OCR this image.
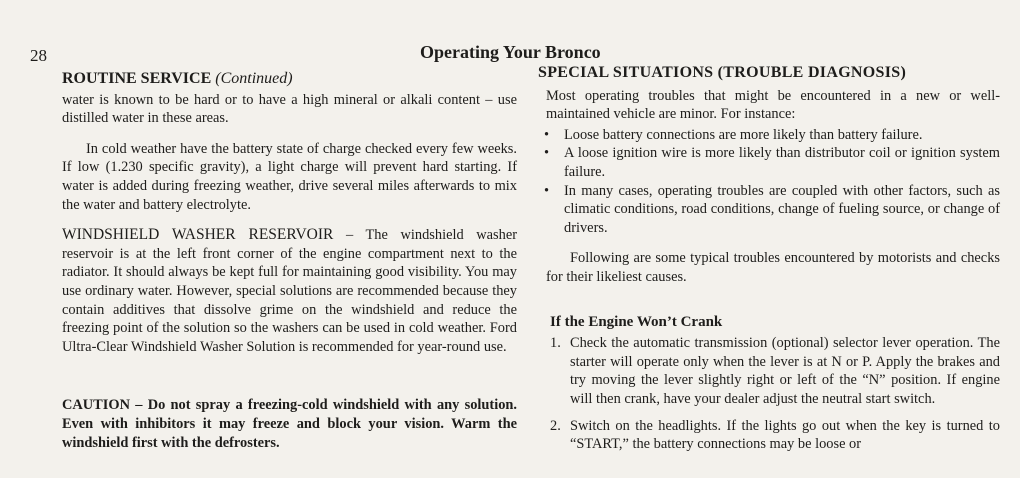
28	Operating Your Bronco
ROUTINE SERVICE (Continued)

water is known to be hard or to have a high mineral or alkali content – use distilled water in these areas.

In cold weather have the battery state of charge checked every few weeks. If low (1.230 specific gravity), a light charge will prevent hard starting. If water is added during freezing weather, drive several miles afterwards to mix the water and battery electrolyte.

WINDSHIELD WASHER RESERVOIR – The windshield washer reservoir is at the left front corner of the engine compartment next to the radiator. It should always be kept full for maintaining good visibility. You may use ordinary water. However, special solutions are recommended because they contain additives that dissolve grime on the windshield and reduce the freezing point of the solution so the washers can be used in cold weather. Ford Ultra-Clear Windshield Washer Solution is recommended for year-round use.

CAUTION – Do not spray a freezing-cold windshield with any solution. Even with inhibitors it may freeze and block your vision. Warm the windshield first with the defrosters.

SPECIAL SITUATIONS (TROUBLE DIAGNOSIS)

Most operating troubles that might be encountered in a new or well-maintained vehicle are minor. For instance:

• Loose battery connections are more likely than battery failure.
• A loose ignition wire is more likely than distributor coil or ignition system failure.
• In many cases, operating troubles are coupled with other factors, such as climatic conditions, road conditions, change of fueling source, or change of drivers.

Following are some typical troubles encountered by motorists and checks for their likeliest causes.

If the Engine Won’t Crank
1. Check the automatic transmission (optional) selector lever operation. The starter will operate only when the lever is at N or P. Apply the brakes and try moving the lever slightly right or left of the “N” position. If engine will then crank, have your dealer adjust the neutral start switch.
2. Switch on the headlights. If the lights go out when the key is turned to “START,” the battery connections may be loose or
